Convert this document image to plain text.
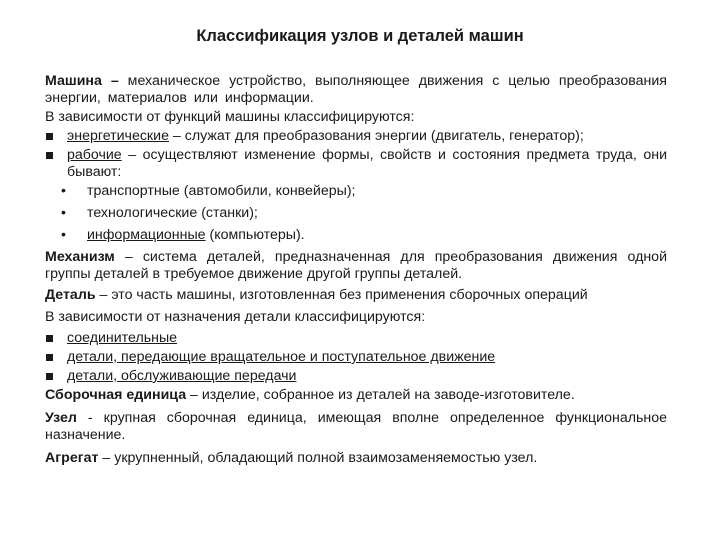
Классификация узлов и деталей машин
Машина – механическое устройство, выполняющее движения с целью преобразования энергии, материалов или информации.
В зависимости от функций машины классифицируются:
энергетические – служат для преобразования энергии (двигатель, генератор);
рабочие – осуществляют изменение формы, свойств и состояния предмета труда, они бывают:
• транспортные (автомобили, конвейеры);
• технологические (станки);
• информационные (компьютеры).
Механизм – система деталей, предназначенная для преобразования движения одной группы деталей в требуемое движение другой группы деталей.
Деталь – это часть машины, изготовленная без применения сборочных операций
В зависимости от назначения детали классифицируются:
соединительные
детали, передающие вращательное и поступательное движение
детали, обслуживающие передачи
Сборочная единица – изделие, собранное из деталей на заводе-изготовителе.
Узел - крупная сборочная единица, имеющая вполне определенное функциональное назначение.
Агрегат – укрупненный, обладающий полной взаимозаменяемостью узел.
